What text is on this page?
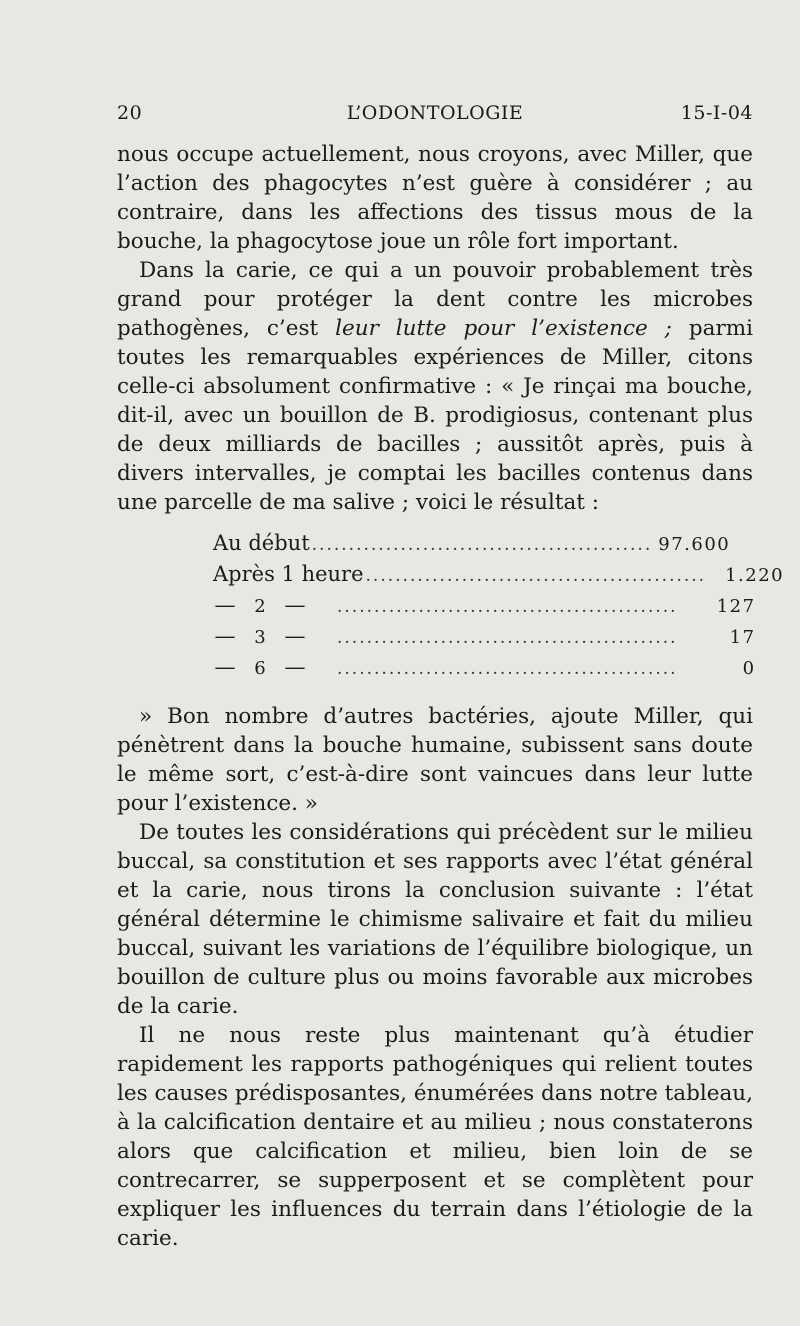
20	L’ODONTOLOGIE	15-I-04

nous occupe actuellement, nous croyons, avec Miller, que l’action des phagocytes n’est guère à considérer ; au contraire, dans les affections des tissus mous de la bouche, la phagocytose joue un rôle fort important.

Dans la carie, ce qui a un pouvoir probablement très grand pour protéger la dent contre les microbes pathogènes, c’est leur lutte pour l’existence ; parmi toutes les remarquables expériences de Miller, citons celle-ci absolument confirmative : « Je rinçai ma bouche, dit-il, avec un bouillon de B. prodigiosus, contenant plus de deux milliards de bacilles ; aussitôt après, puis à divers intervalles, je comptai les bacilles contenus dans une parcelle de ma salive ; voici le résultat :

Au début .............................................. 97.600
Après 1 heure ..............................................	1.220
— 2 — ..............................................	127
— 3 — ..............................................	17
— 6 — ..............................................	0

» Bon nombre d’autres bactéries, ajoute Miller, qui pénètrent dans la bouche humaine, subissent sans doute le même sort, c’est-à-dire sont vaincues dans leur lutte pour l’existence. »

De toutes les considérations qui précèdent sur le milieu buccal, sa constitution et ses rapports avec l’état général et la carie, nous tirons la conclusion suivante : l’état général détermine le chimisme salivaire et fait du milieu buccal, suivant les variations de l’équilibre biologique, un bouillon de culture plus ou moins favorable aux microbes de la carie.

Il ne nous reste plus maintenant qu’à étudier rapidement les rapports pathogéniques qui relient toutes les causes prédisposantes, énumérées dans notre tableau, à la calcification dentaire et au milieu ; nous constaterons alors que calcification et milieu, bien loin de se contrecarrer, se supperposent et se complètent pour expliquer les influences du terrain dans l’étiologie de la carie.
